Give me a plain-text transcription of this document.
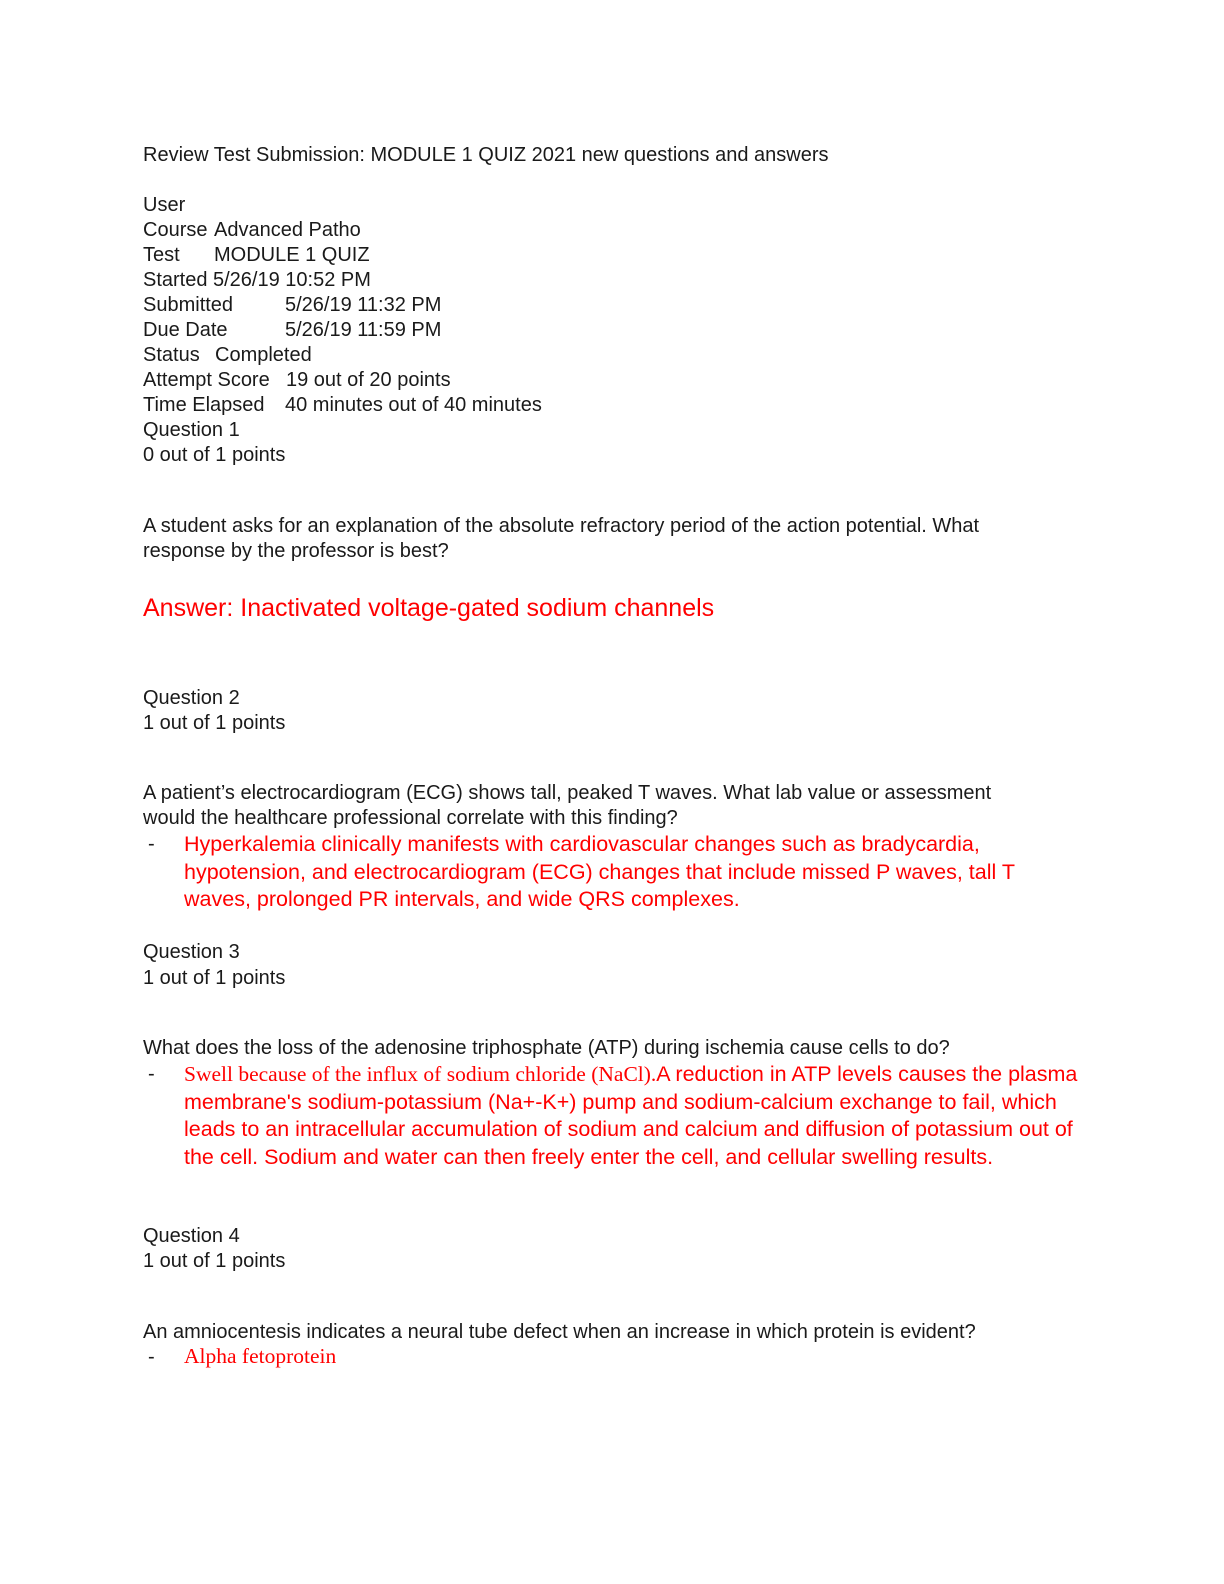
Review Test Submission: MODULE 1 QUIZ 2021 new questions and answers
User
Course Advanced Patho
Test MODULE 1 QUIZ
Started 5/26/19 10:52 PM
Submitted	5/26/19 11:32 PM
Due Date	5/26/19 11:59 PM
Status Completed
Attempt Score 19 out of 20 points
Time Elapsed 40 minutes out of 40 minutes
Question 1
0 out of 1 points
A student asks for an explanation of the absolute refractory period of the action potential. What
response by the professor is best?
Answer: Inactivated voltage-gated sodium channels
Question 2
1 out of 1 points
A patient’s electrocardiogram (ECG) shows tall, peaked T waves. What lab value or assessment
would the healthcare professional correlate with this finding?
- Hyperkalemia clinically manifests with cardiovascular changes such as bradycardia, hypotension, and electrocardiogram (ECG) changes that include missed P waves, tall T waves, prolonged PR intervals, and wide QRS complexes.
Question 3
1 out of 1 points
What does the loss of the adenosine triphosphate (ATP) during ischemia cause cells to do?
- Swell because of the influx of sodium chloride (NaCl).A reduction in ATP levels causes the plasma membrane's sodium-potassium (Na+-K+) pump and sodium-calcium exchange to fail, which leads to an intracellular accumulation of sodium and calcium and diffusion of potassium out of the cell. Sodium and water can then freely enter the cell, and cellular swelling results.
Question 4
1 out of 1 points
An amniocentesis indicates a neural tube defect when an increase in which protein is evident?
- Alpha fetoprotein
